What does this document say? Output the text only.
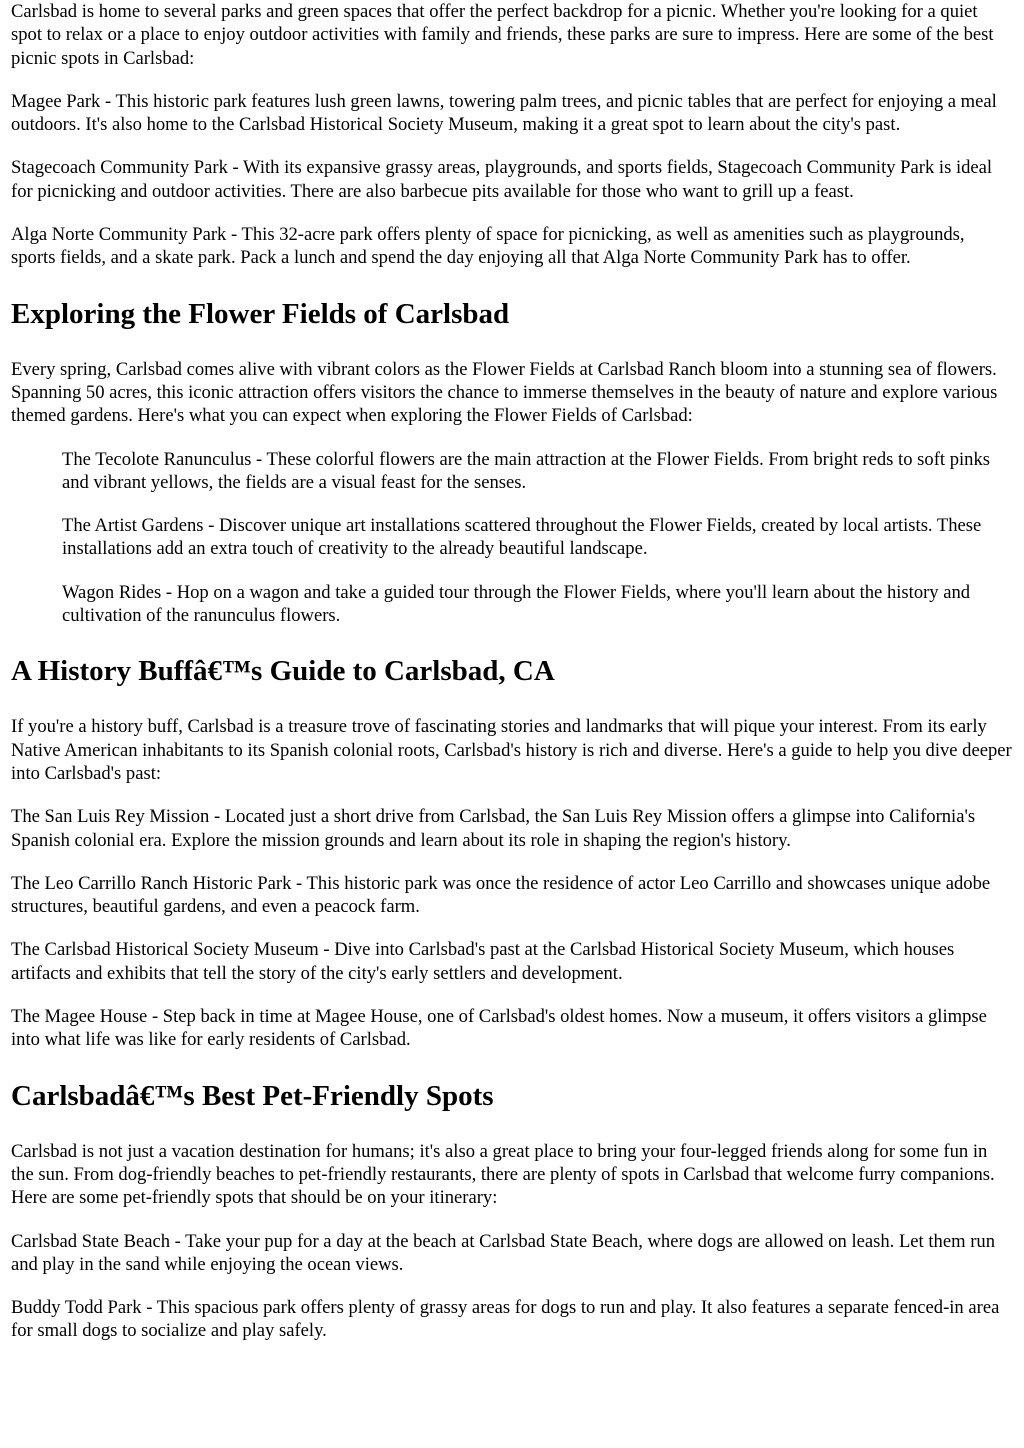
Carlsbad is home to several parks and green spaces that offer the perfect backdrop for a picnic. Whether you're looking for a quiet spot to relax or a place to enjoy outdoor activities with family and friends, these parks are sure to impress. Here are some of the best picnic spots in Carlsbad:

Magee Park - This historic park features lush green lawns, towering palm trees, and picnic tables that are perfect for enjoying a meal outdoors. It's also home to the Carlsbad Historical Society Museum, making it a great spot to learn about the city's past.

Stagecoach Community Park - With its expansive grassy areas, playgrounds, and sports fields, Stagecoach Community Park is ideal for picnicking and outdoor activities. There are also barbecue pits available for those who want to grill up a feast.

Alga Norte Community Park - This 32-acre park offers plenty of space for picnicking, as well as amenities such as playgrounds, sports fields, and a skate park. Pack a lunch and spend the day enjoying all that Alga Norte Community Park has to offer.

Exploring the Flower Fields of Carlsbad

Every spring, Carlsbad comes alive with vibrant colors as the Flower Fields at Carlsbad Ranch bloom into a stunning sea of flowers. Spanning 50 acres, this iconic attraction offers visitors the chance to immerse themselves in the beauty of nature and explore various themed gardens. Here's what you can expect when exploring the Flower Fields of Carlsbad:

The Tecolote Ranunculus - These colorful flowers are the main attraction at the Flower Fields. From bright reds to soft pinks and vibrant yellows, the fields are a visual feast for the senses.

The Artist Gardens - Discover unique art installations scattered throughout the Flower Fields, created by local artists. These installations add an extra touch of creativity to the already beautiful landscape.

Wagon Rides - Hop on a wagon and take a guided tour through the Flower Fields, where you'll learn about the history and cultivation of the ranunculus flowers.

A History Buffâ€™s Guide to Carlsbad, CA

If you're a history buff, Carlsbad is a treasure trove of fascinating stories and landmarks that will pique your interest. From its early Native American inhabitants to its Spanish colonial roots, Carlsbad's history is rich and diverse. Here's a guide to help you dive deeper into Carlsbad's past:

The San Luis Rey Mission - Located just a short drive from Carlsbad, the San Luis Rey Mission offers a glimpse into California's Spanish colonial era. Explore the mission grounds and learn about its role in shaping the region's history.

The Leo Carrillo Ranch Historic Park - This historic park was once the residence of actor Leo Carrillo and showcases unique adobe structures, beautiful gardens, and even a peacock farm.

The Carlsbad Historical Society Museum - Dive into Carlsbad's past at the Carlsbad Historical Society Museum, which houses artifacts and exhibits that tell the story of the city's early settlers and development.

The Magee House - Step back in time at Magee House, one of Carlsbad's oldest homes. Now a museum, it offers visitors a glimpse into what life was like for early residents of Carlsbad.

Carlsbadâ€™s Best Pet-Friendly Spots

Carlsbad is not just a vacation destination for humans; it's also a great place to bring your four-legged friends along for some fun in the sun. From dog-friendly beaches to pet-friendly restaurants, there are plenty of spots in Carlsbad that welcome furry companions. Here are some pet-friendly spots that should be on your itinerary:

Carlsbad State Beach - Take your pup for a day at the beach at Carlsbad State Beach, where dogs are allowed on leash. Let them run and play in the sand while enjoying the ocean views.

Buddy Todd Park - This spacious park offers plenty of grassy areas for dogs to run and play. It also features a separate fenced-in area for small dogs to socialize and play safely.
